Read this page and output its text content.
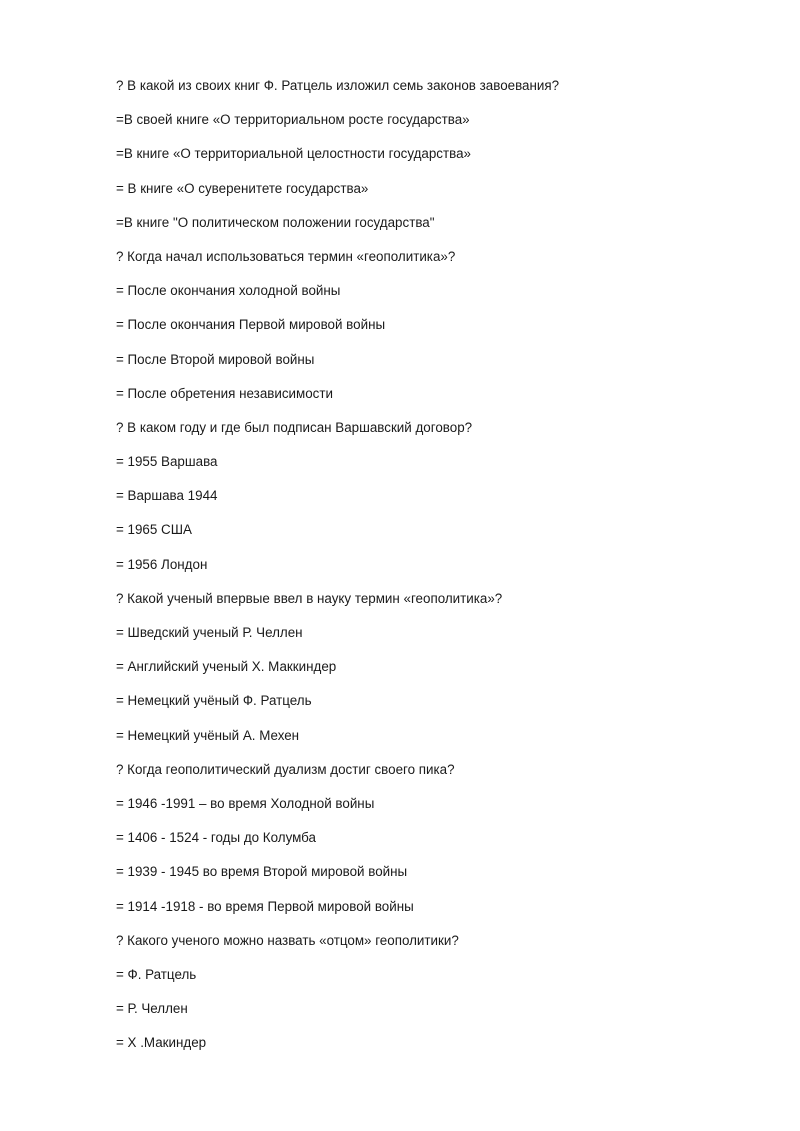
? В какой из своих книг Ф. Ратцель изложил семь законов завоевания?
=В своей книге «О территориальном росте государства»
=В книге «О территориальной целостности государства»
= В книге «О суверенитете государства»
=В книге "О политическом положении государства"
? Когда начал использоваться термин «геополитика»?
= После окончания холодной войны
= После окончания Первой мировой войны
= После Второй мировой войны
= После обретения независимости
? В каком году и где был подписан Варшавский договор?
= 1955 Варшава
= Варшава 1944
= 1965 США
= 1956 Лондон
? Какой ученый впервые ввел в науку термин «геополитика»?
= Шведский ученый Р. Челлен
= Английский ученый Х. Маккиндер
= Немецкий учёный Ф. Ратцель
= Немецкий учёный А. Мехен
? Когда геополитический дуализм достиг своего пика?
= 1946 -1991 – во время Холодной войны
= 1406 - 1524 - годы до Колумба
= 1939 - 1945 во время Второй мировой войны
= 1914 -1918 - во время Первой мировой войны
? Какого ученого можно назвать «отцом» геополитики?
= Ф. Ратцель
= Р. Челлен
= Х .Макиндер
